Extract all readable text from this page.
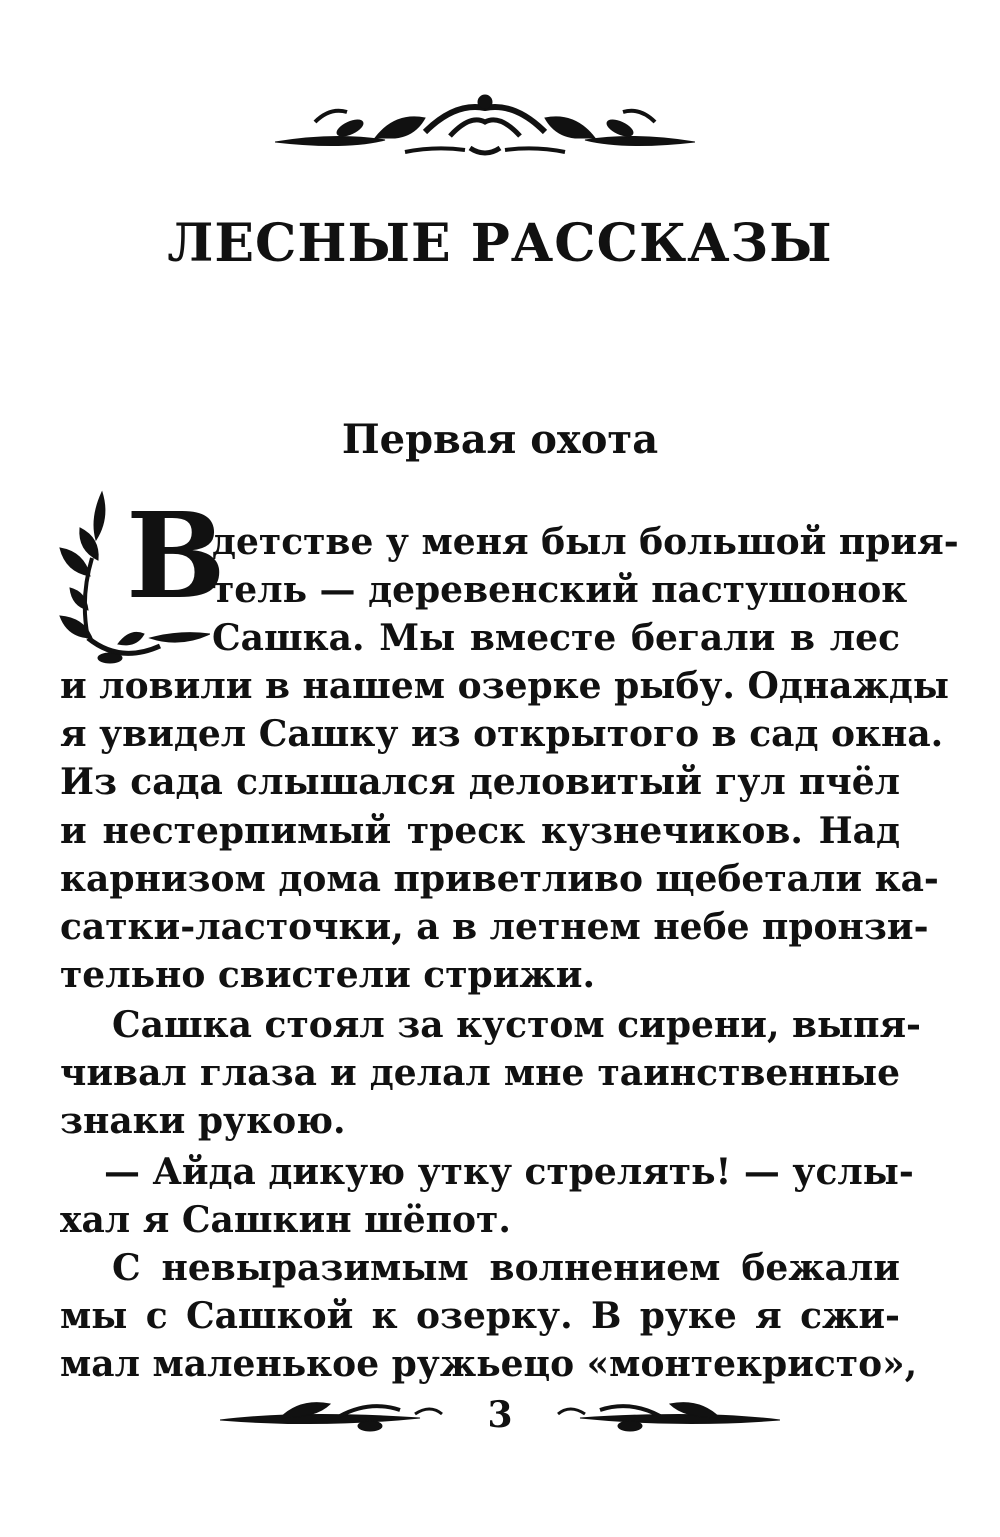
ЛЕСНЫЕ РАССКАЗЫ
Первая охота
В
детстве у меня был большой прия-
тель — деревенский пастушонок
Сашка. Мы вместе бегали в лес
и ловили в нашем озерке рыбу. Однажды
я увидел Сашку из открытого в сад окна.
Из сада слышался деловитый гул пчёл
и нестерпимый треск кузнечиков. Над
карнизом дома приветливо щебетали ка-
сатки-ласточки, а в летнем небе пронзи-
тельно свистели стрижи.
Сашка стоял за кустом сирени, выпя-
чивал глаза и делал мне таинственные
знаки рукою.
— Айда дикую утку стрелять! — услы-
хал я Сашкин шёпот.
С невыразимым волнением бежали
мы с Сашкой к озерку. В руке я сжи-
мал маленькое ружьецо «монтекристо»,
3
